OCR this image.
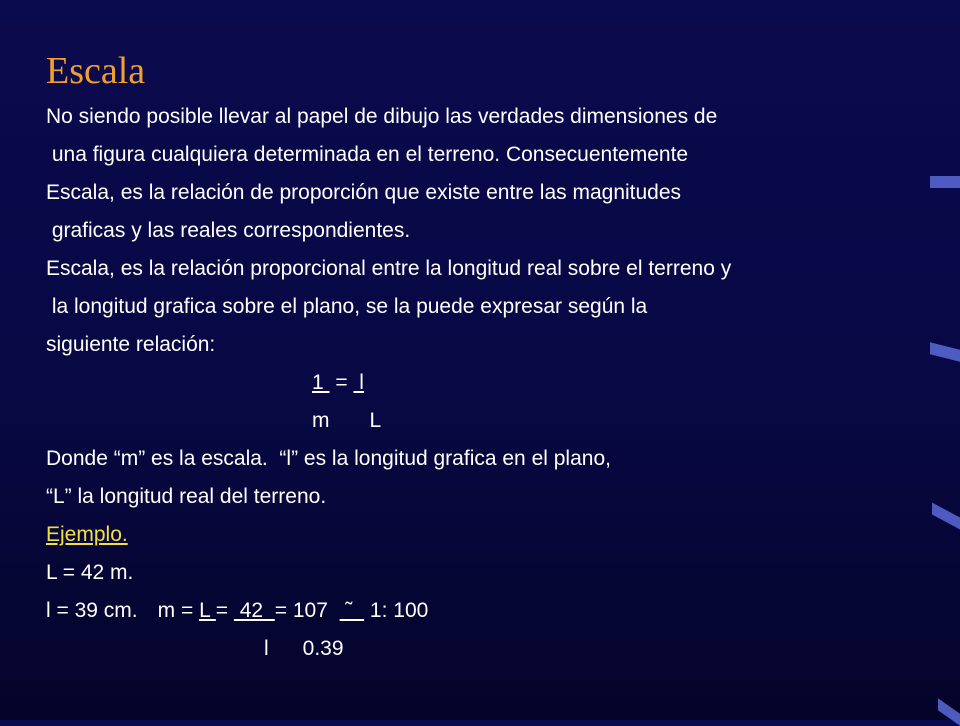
Escala
No siendo posible llevar al papel de dibujo las verdades dimensiones de
una figura cualquiera determinada en el terreno. Consecuentemente
Escala, es la relación de proporción que existe entre las magnitudes
graficas y las reales correspondientes.
Escala, es la relación proporcional entre la longitud real sobre el terreno y
la longitud grafica sobre el plano, se la puede expresar según la
siguiente relación:
1  =  l
m L
Donde “m” es la escala.  “l” es la longitud grafica en el plano,
“L” la longitud real del terreno.
Ejemplo.
L = 42 m.
l = 39 cm. m = L =  42  = 107   ˜   1: 100
l 0.39
